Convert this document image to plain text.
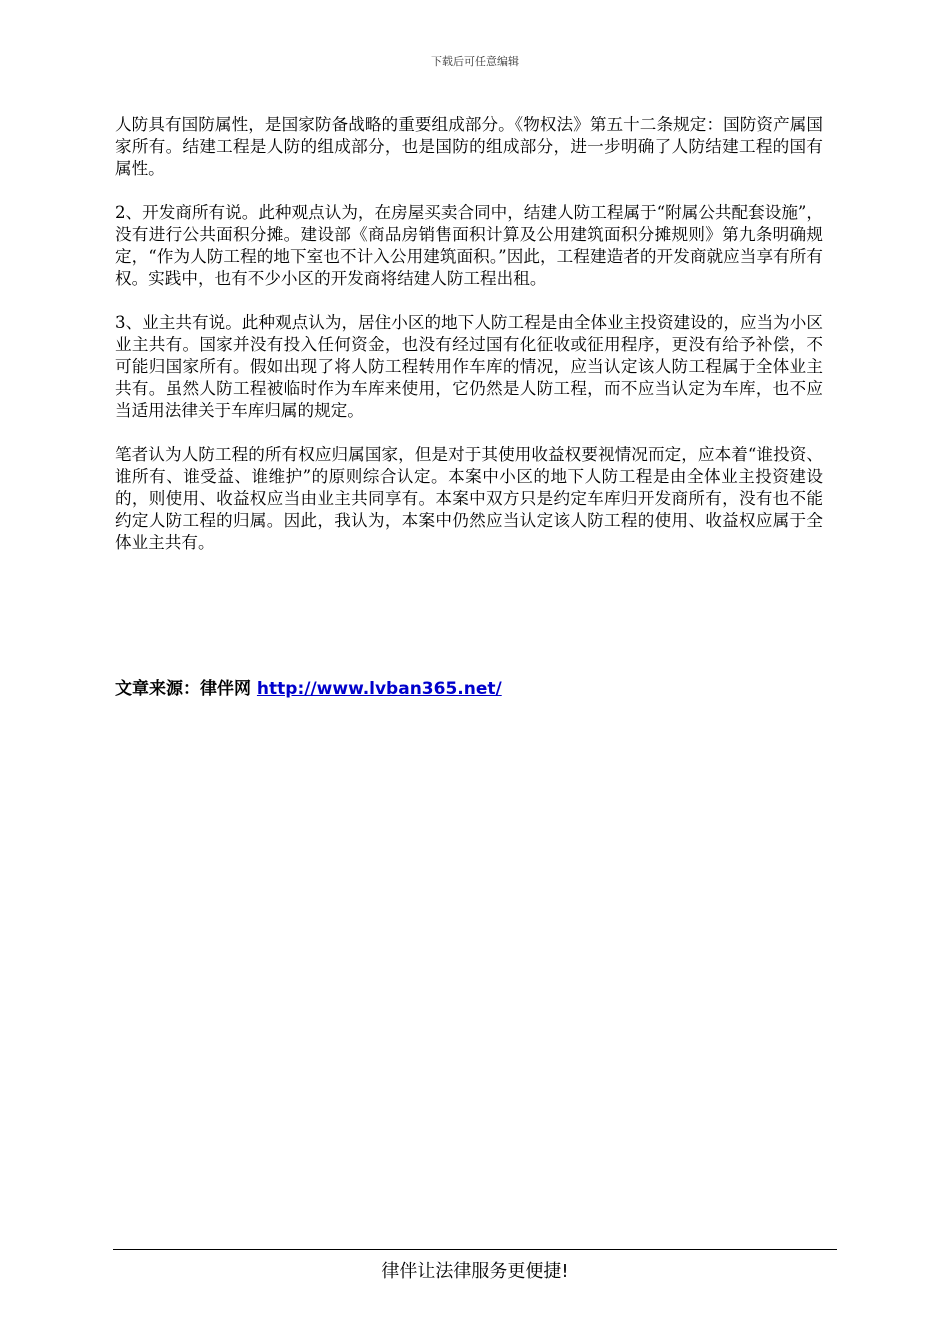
下载后可任意编辑

人防具有国防属性，是国家防备战略的重要组成部分。《物权法》第五十二条规定：国防资产属国家所有。结建工程是人防的组成部分，也是国防的组成部分，进一步明确了人防结建工程的国有属性。

2、开发商所有说。此种观点认为，在房屋买卖合同中，结建人防工程属于“附属公共配套设施”，没有进行公共面积分摊。建设部《商品房销售面积计算及公用建筑面积分摊规则》第九条明确规定，“作为人防工程的地下室也不计入公用建筑面积。”因此，工程建造者的开发商就应当享有所有权。实践中，也有不少小区的开发商将结建人防工程出租。

3、业主共有说。此种观点认为，居住小区的地下人防工程是由全体业主投资建设的，应当为小区业主共有。国家并没有投入任何资金，也没有经过国有化征收或征用程序，更没有给予补偿，不可能归国家所有。假如出现了将人防工程转用作车库的情况，应当认定该人防工程属于全体业主共有。虽然人防工程被临时作为车库来使用，它仍然是人防工程，而不应当认定为车库，也不应当适用法律关于车库归属的规定。

笔者认为人防工程的所有权应归属国家，但是对于其使用收益权要视情况而定，应本着“谁投资、谁所有、谁受益、谁维护”的原则综合认定。本案中小区的地下人防工程是由全体业主投资建设的，则使用、收益权应当由业主共同享有。本案中双方只是约定车库归开发商所有，没有也不能约定人防工程的归属。因此，我认为，本案中仍然应当认定该人防工程的使用、收益权应属于全体业主共有。

文章来源：律伴网 http://www.lvban365.net/
律伴让法律服务更便捷!
